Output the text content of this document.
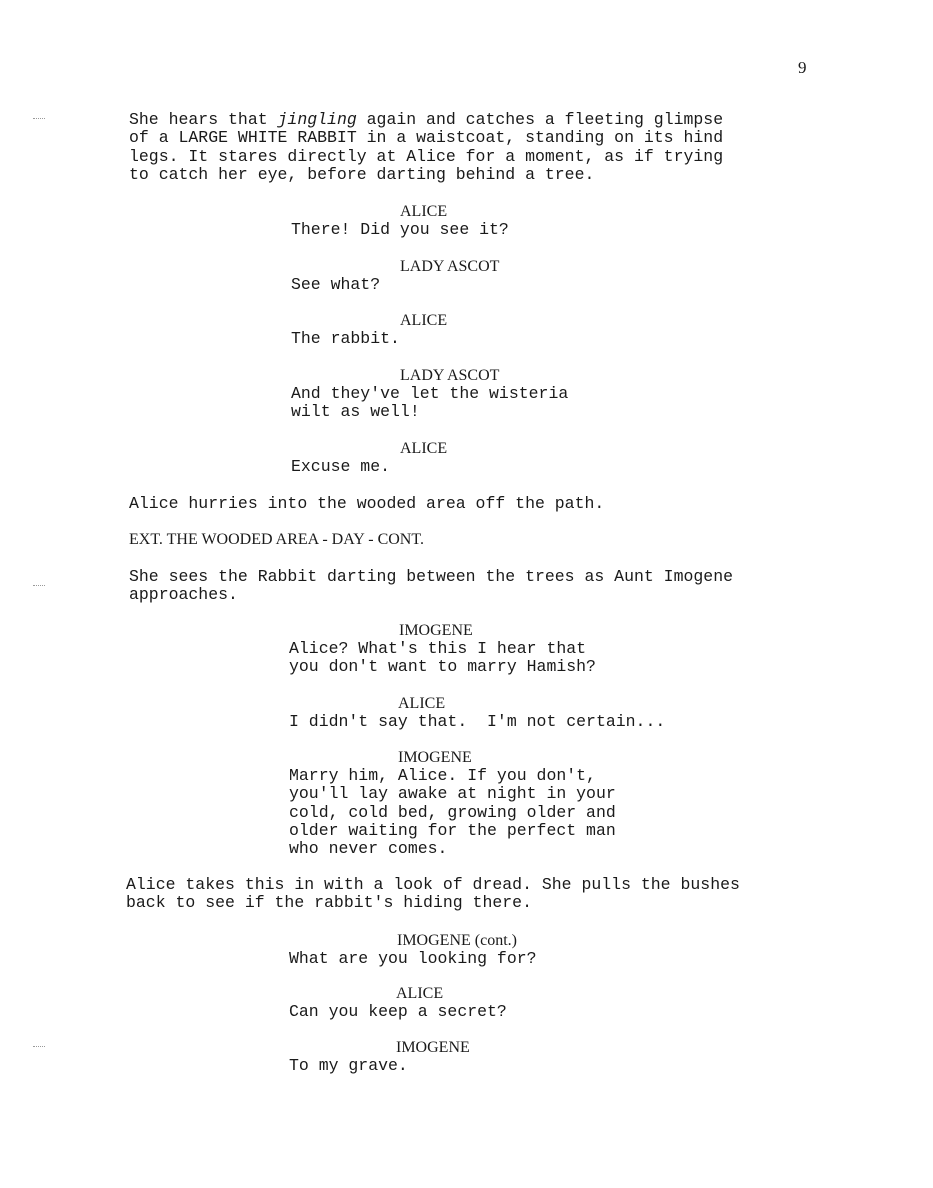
9

She hears that jingling again and catches a fleeting glimpse
of a LARGE WHITE RABBIT in a waistcoat, standing on its hind
legs. It stares directly at Alice for a moment, as if trying
to catch her eye, before darting behind a tree.

ALICE

There! Did you see it?

LADY ASCOT

See what?

ALICE

The rabbit.

LADY ASCOT

And they've let the wisteria
wilt as well!

ALICE

Excuse me.

Alice hurries into the wooded area off the path.

EXT. THE WOODED AREA - DAY - CONT.

She sees the Rabbit darting between the trees as Aunt Imogene
approaches.

IMOGENE

Alice? What's this I hear that
you don't want to marry Hamish?

ALICE

I didn't say that.  I'm not certain...

IMOGENE

Marry him, Alice. If you don't,
you'll lay awake at night in your
cold, cold bed, growing older and
older waiting for the perfect man
who never comes.

Alice takes this in with a look of dread. She pulls the bushes
back to see if the rabbit's hiding there.

IMOGENE (cont.)

What are you looking for?

ALICE

Can you keep a secret?

IMOGENE

To my grave.
